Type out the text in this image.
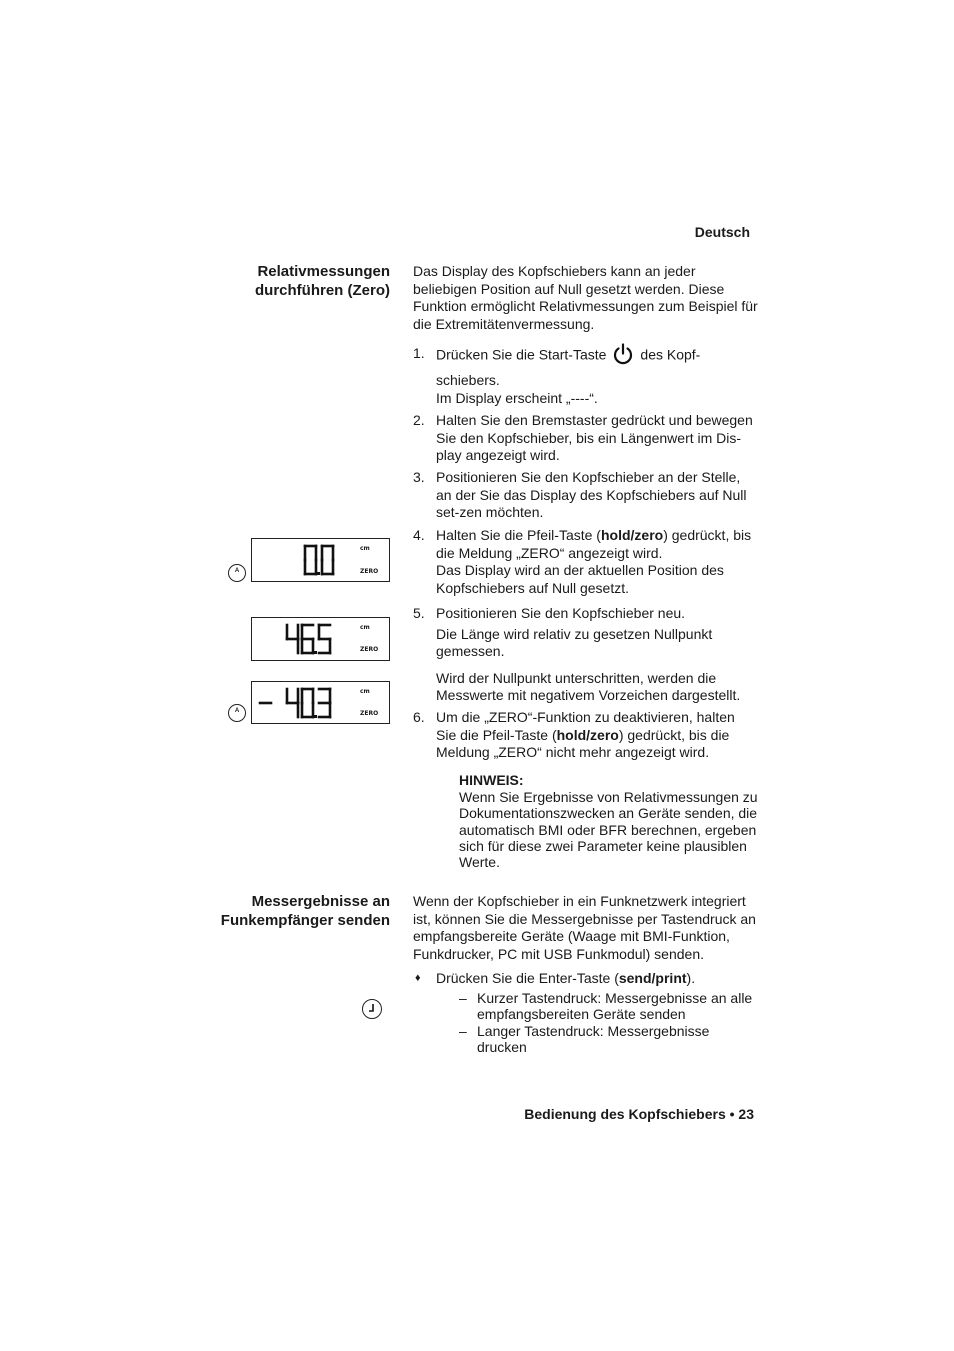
Deutsch
Relativmessungen
durchführen (Zero)
Das Display des Kopfschiebers kann an jeder beliebigen Position auf Null gesetzt werden. Diese Funktion ermöglicht Relativmessungen zum Beispiel für die Extremitätenvermessung.
1. Drücken Sie die Start-Taste des Kopf-
schiebers.
Im Display erscheint „----“.
2. Halten Sie den Bremstaster gedrückt und bewegen Sie den Kopfschieber, bis ein Längenwert im Dis-play angezeigt wird.
3. Positionieren Sie den Kopfschieber an der Stelle, an der Sie das Display des Kopfschiebers auf Null set-zen möchten.
4. Halten Sie die Pfeil-Taste (hold/zero) gedrückt, bis die Meldung „ZERO“ angezeigt wird.
Das Display wird an der aktuellen Position des Kopfschiebers auf Null gesetzt.
5. Positionieren Sie den Kopfschieber neu.
Die Länge wird relativ zu gesetzen Nullpunkt gemessen.
Wird der Nullpunkt unterschritten, werden die Messwerte mit negativem Vorzeichen dargestellt.
6. Um die „ZERO“-Funktion zu deaktivieren, halten Sie die Pfeil-Taste (hold/zero) gedrückt, bis die Meldung „ZERO“ nicht mehr angezeigt wird.
HINWEIS:
Wenn Sie Ergebnisse von Relativmessungen zu Dokumentationszwecken an Geräte senden, die automatisch BMI oder BFR berechnen, ergeben sich für diese zwei Parameter keine plausiblen Werte.
cm
ZERO
A
cm
ZERO
cm
ZERO
A
Messergebnisse an
Funkempfänger senden
Wenn der Kopfschieber in ein Funknetzwerk integriert ist, können Sie die Messergebnisse per Tastendruck an empfangsbereite Geräte (Waage mit BMI-Funktion, Funkdrucker, PC mit USB Funkmodul) senden.
♦	Drücken Sie die Enter-Taste (send/print).
– Kurzer Tastendruck: Messergebnisse an alle empfangsbereiten Geräte senden
– Langer Tastendruck: Messergebnisse drucken
Bedienung des Kopfschiebers • 23
